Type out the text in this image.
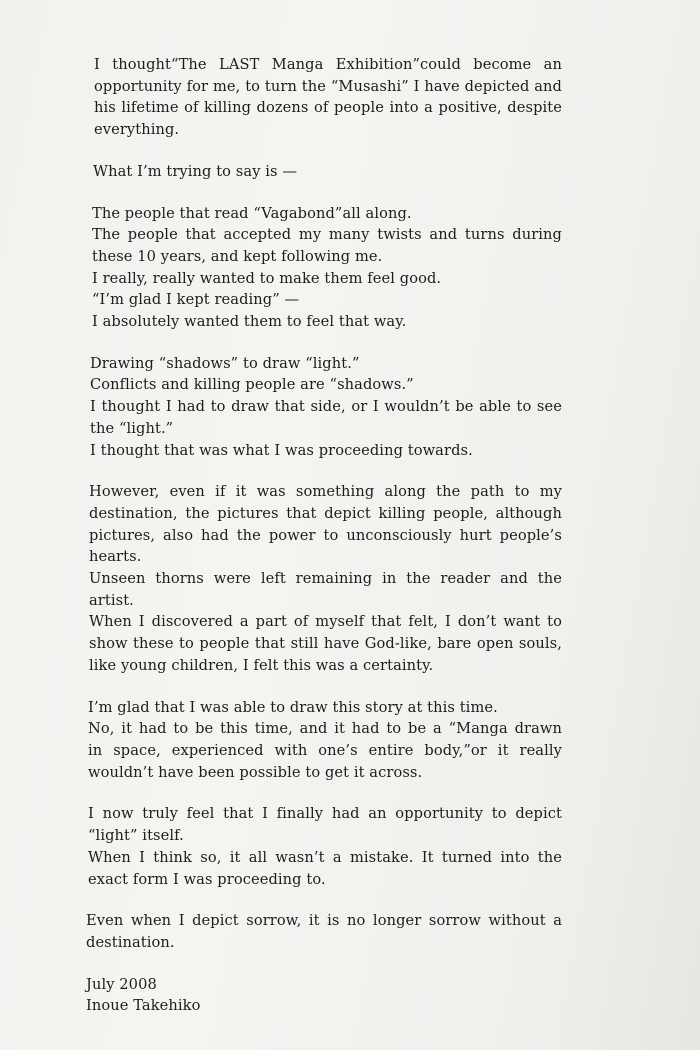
I thought“The LAST Manga Exhibition”could become an
opportunity for me, to turn the “Musashi” I have depicted and
his lifetime of killing dozens of people into a positive, despite
everything.
What I’m trying to say is —
The people that read “Vagabond”all along.
The people that accepted my many twists and turns during
these 10 years, and kept following me.
I really, really wanted to make them feel good.
“I’m glad I kept reading” —
I absolutely wanted them to feel that way.
Drawing “shadows” to draw “light.”
Conflicts and killing people are “shadows.”
I thought I had to draw that side, or I wouldn’t be able to see
the “light.”
I thought that was what I was proceeding towards.
However, even if it was something along the path to my
destination, the pictures that depict killing people, although
pictures, also had the power to unconsciously hurt people’s
hearts.
Unseen thorns were left remaining in the reader and the
artist.
When I discovered a part of myself that felt, I don’t want to
show these to people that still have God-like, bare open souls,
like young children, I felt this was a certainty.
I’m glad that I was able to draw this story at this time.
No, it had to be this time, and it had to be a “Manga drawn
in space, experienced with one’s entire body,”or it really
wouldn’t have been possible to get it across.
I now truly feel that I finally had an opportunity to depict
“light” itself.
When I think so, it all wasn’t a mistake. It turned into the
exact form I was proceeding to.
Even when I depict sorrow, it is no longer sorrow without a
destination.
July 2008
Inoue Takehiko
